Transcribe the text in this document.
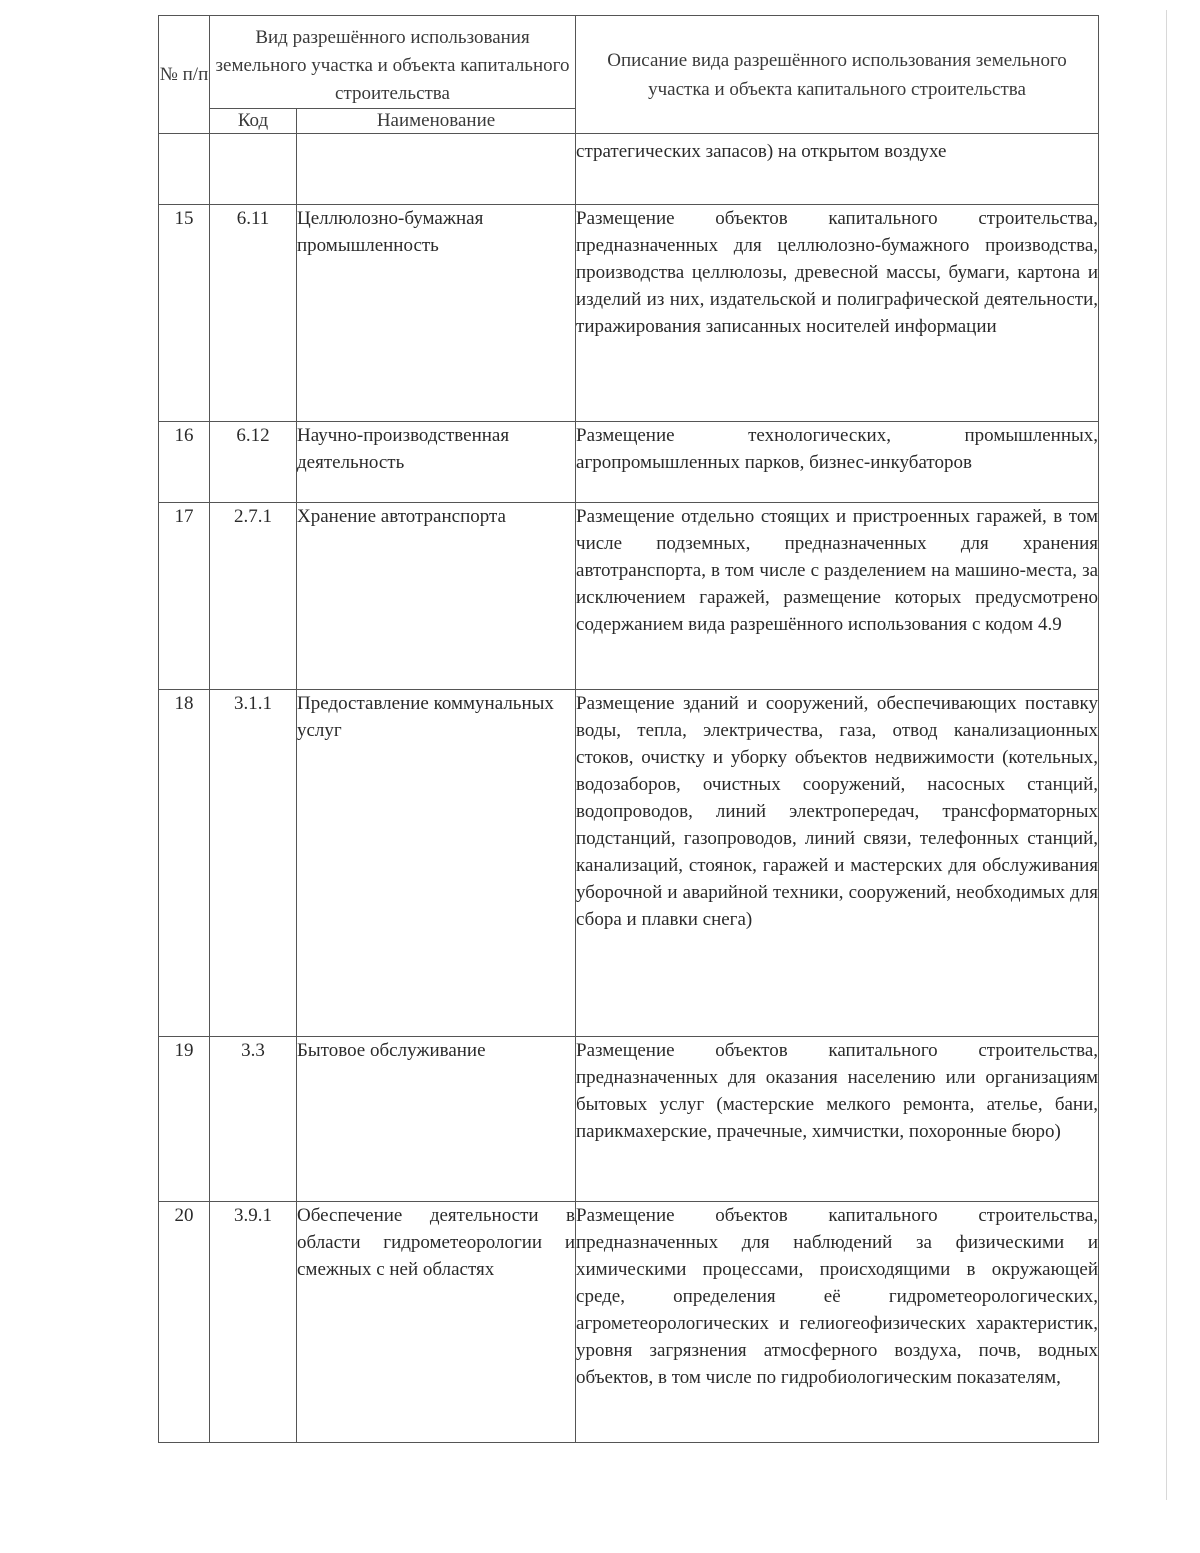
№ п/п	Вид разрешённого использования земельного участка и объекта капитального строительства		Описание вида разрешённого использования земельного участка и объекта капитального строительства
	Код	Наименование	
			стратегических запасов) на открытом воздухе
15	6.11	Целлюлозно-бумажная промышленность	Размещение объектов капитального строительства, предназначенных для целлюлозно-бумажного производства, производства целлюлозы, древесной массы, бумаги, картона и изделий из них, издательской и полиграфической деятельности, тиражирования записанных носителей информации
16	6.12	Научно-производственная деятельность	Размещение технологических, промышленных, агропромышленных парков, бизнес-инкубаторов
17	2.7.1	Хранение автотранспорта	Размещение отдельно стоящих и пристроенных гаражей, в том числе подземных, предназначенных для хранения автотранспорта, в том числе с разделением на машино-места, за исключением гаражей, размещение которых предусмотрено содержанием вида разрешённого использования с кодом 4.9
18	3.1.1	Предоставление коммунальных услуг	Размещение зданий и сооружений, обеспечивающих поставку воды, тепла, электричества, газа, отвод канализационных стоков, очистку и уборку объектов недвижимости (котельных, водозаборов, очистных сооружений, насосных станций, водопроводов, линий электропередач, трансформаторных подстанций, газопроводов, линий связи, телефонных станций, канализаций, стоянок, гаражей и мастерских для обслуживания уборочной и аварийной техники, сооружений, необходимых для сбора и плавки снега)
19	3.3	Бытовое обслуживание	Размещение объектов капитального строительства, предназначенных для оказания населению или организациям бытовых услуг (мастерские мелкого ремонта, ателье, бани, парикмахерские, прачечные, химчистки, похоронные бюро)
20	3.9.1	Обеспечение деятельности в области гидрометеорологии и смежных с ней областях	Размещение объектов капитального строительства, предназначенных для наблюдений за физическими и химическими процессами, происходящими в окружающей среде, определения её гидрометеорологических, агрометеорологических и гелиогеофизических характеристик, уровня загрязнения атмосферного воздуха, почв, водных объектов, в том числе по гидробиологическим показателям,
